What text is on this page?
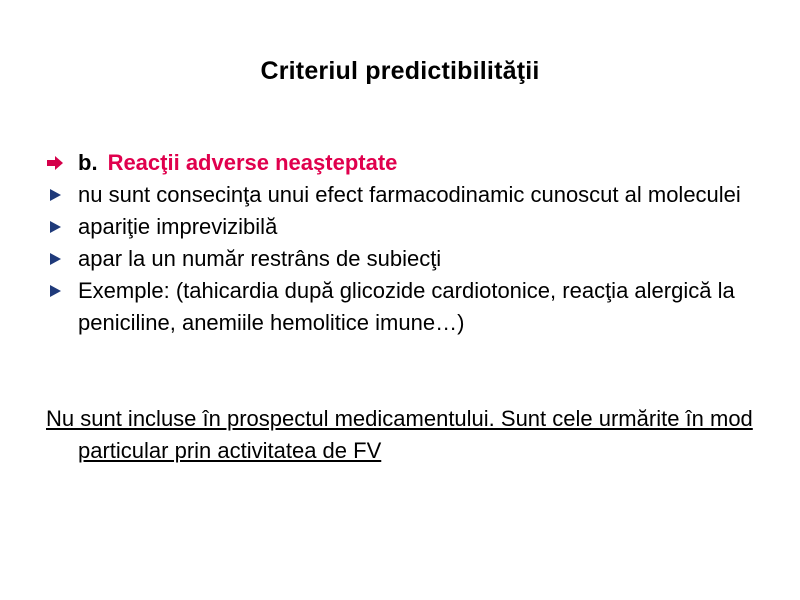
Criteriul predictibilităţii
b. Reacţii adverse neaşteptate
nu sunt consecinţa unui efect farmacodinamic cunoscut al moleculei
apariţie imprevizibilă
apar la un număr restrâns de subiecţi
Exemple: (tahicardia după glicozide cardiotonice, reacţia alergică la peniciline, anemiile hemolitice imune…)
Nu sunt incluse în prospectul medicamentului. Sunt cele urmărite în mod particular prin activitatea de FV
